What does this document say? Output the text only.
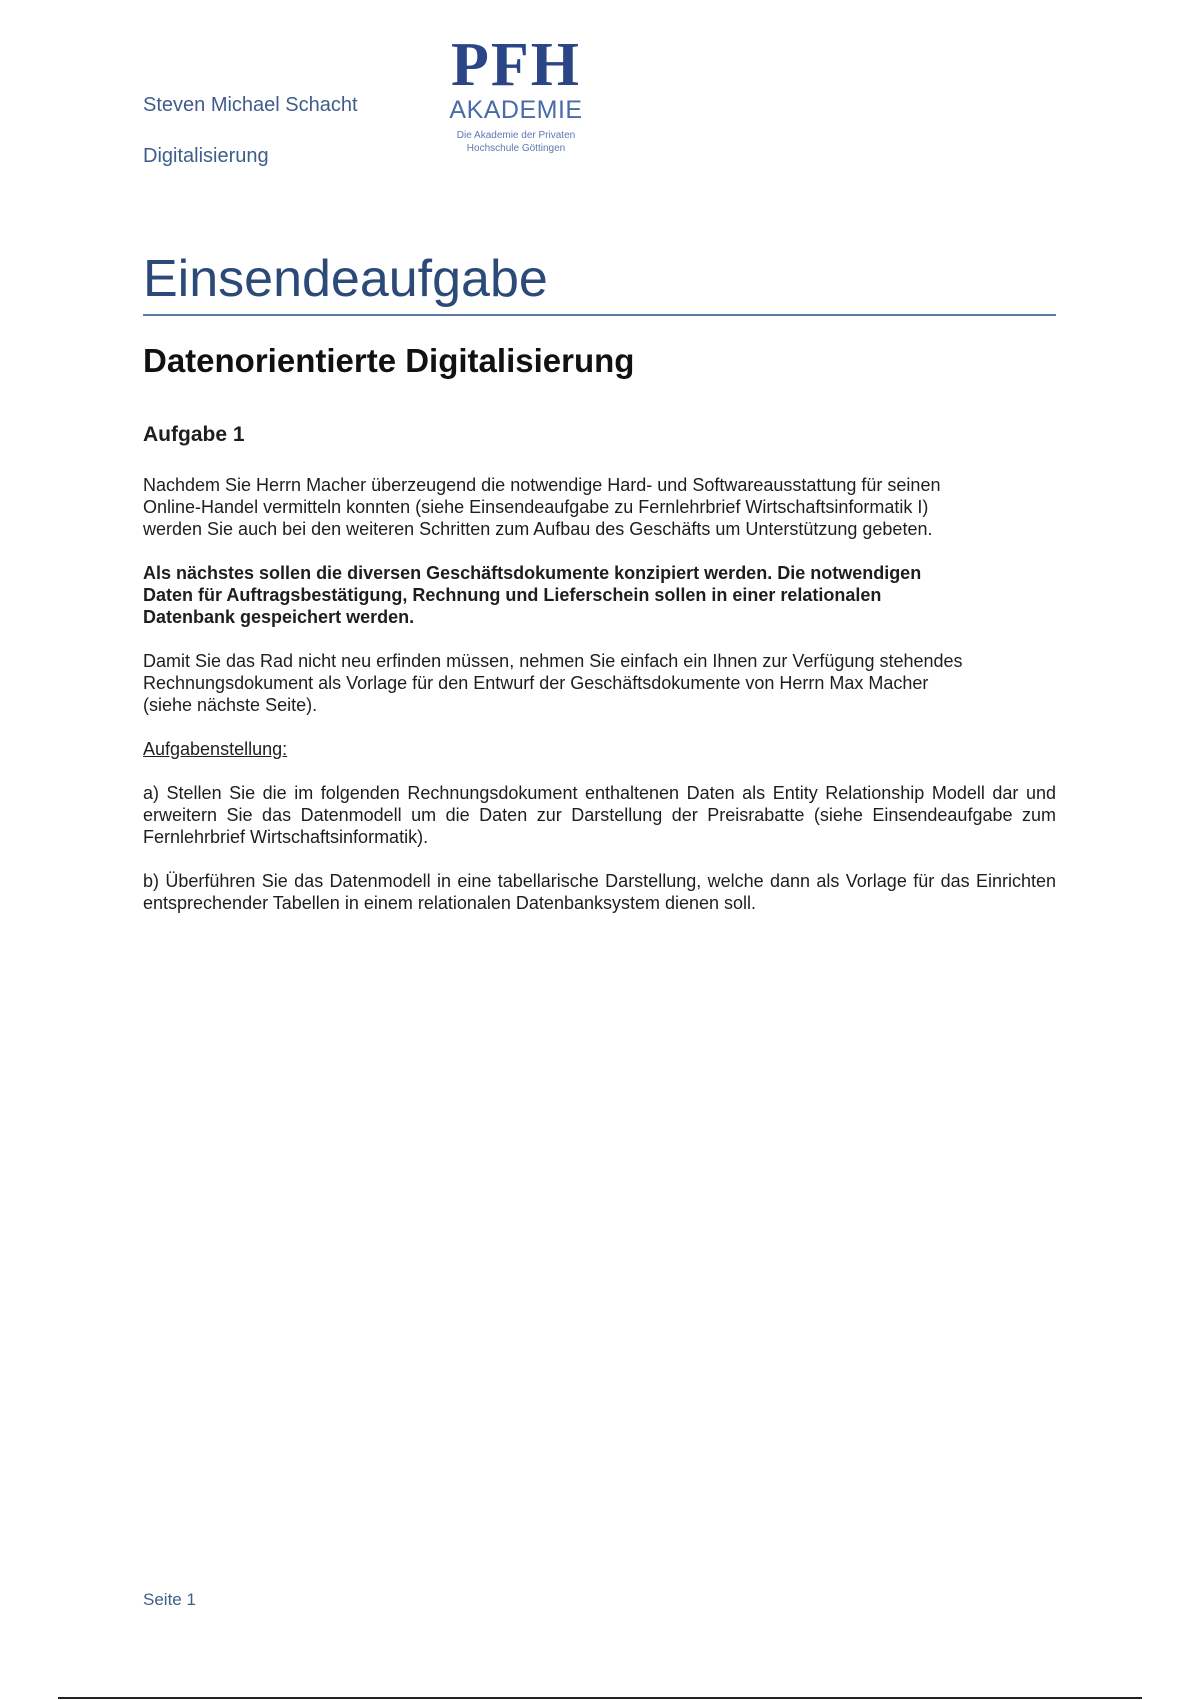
Steven Michael Schacht
Digitalisierung
PFH
AKADEMIE
Die Akademie der Privaten
Hochschule Göttingen
Einsendeaufgabe
Datenorientierte Digitalisierung
Aufgabe 1

Nachdem Sie Herrn Macher überzeugend die notwendige Hard- und Softwareausstattung für seinen Online-Handel vermitteln konnten (siehe Einsendeaufgabe zu Fernlehrbrief Wirtschaftsinformatik I) werden Sie auch bei den weiteren Schritten zum Aufbau des Geschäfts um Unterstützung gebeten.

Als nächstes sollen die diversen Geschäftsdokumente konzipiert werden. Die notwendigen Daten für Auftragsbestätigung, Rechnung und Lieferschein sollen in einer relationalen Datenbank gespeichert werden.

Damit Sie das Rad nicht neu erfinden müssen, nehmen Sie einfach ein Ihnen zur Verfügung stehendes Rechnungsdokument als Vorlage für den Entwurf der Geschäftsdokumente von Herrn Max Macher (siehe nächste Seite).

Aufgabenstellung:

a) Stellen Sie die im folgenden Rechnungsdokument enthaltenen Daten als Entity Relationship Modell dar und erweitern Sie das Datenmodell um die Daten zur Darstellung der Preisrabatte (siehe Einsendeaufgabe zum Fernlehrbrief Wirtschaftsinformatik).

b) Überführen Sie das Datenmodell in eine tabellarische Darstellung, welche dann als Vorlage für das Einrichten entsprechender Tabellen in einem relationalen Datenbanksystem dienen soll.

Seite 1
